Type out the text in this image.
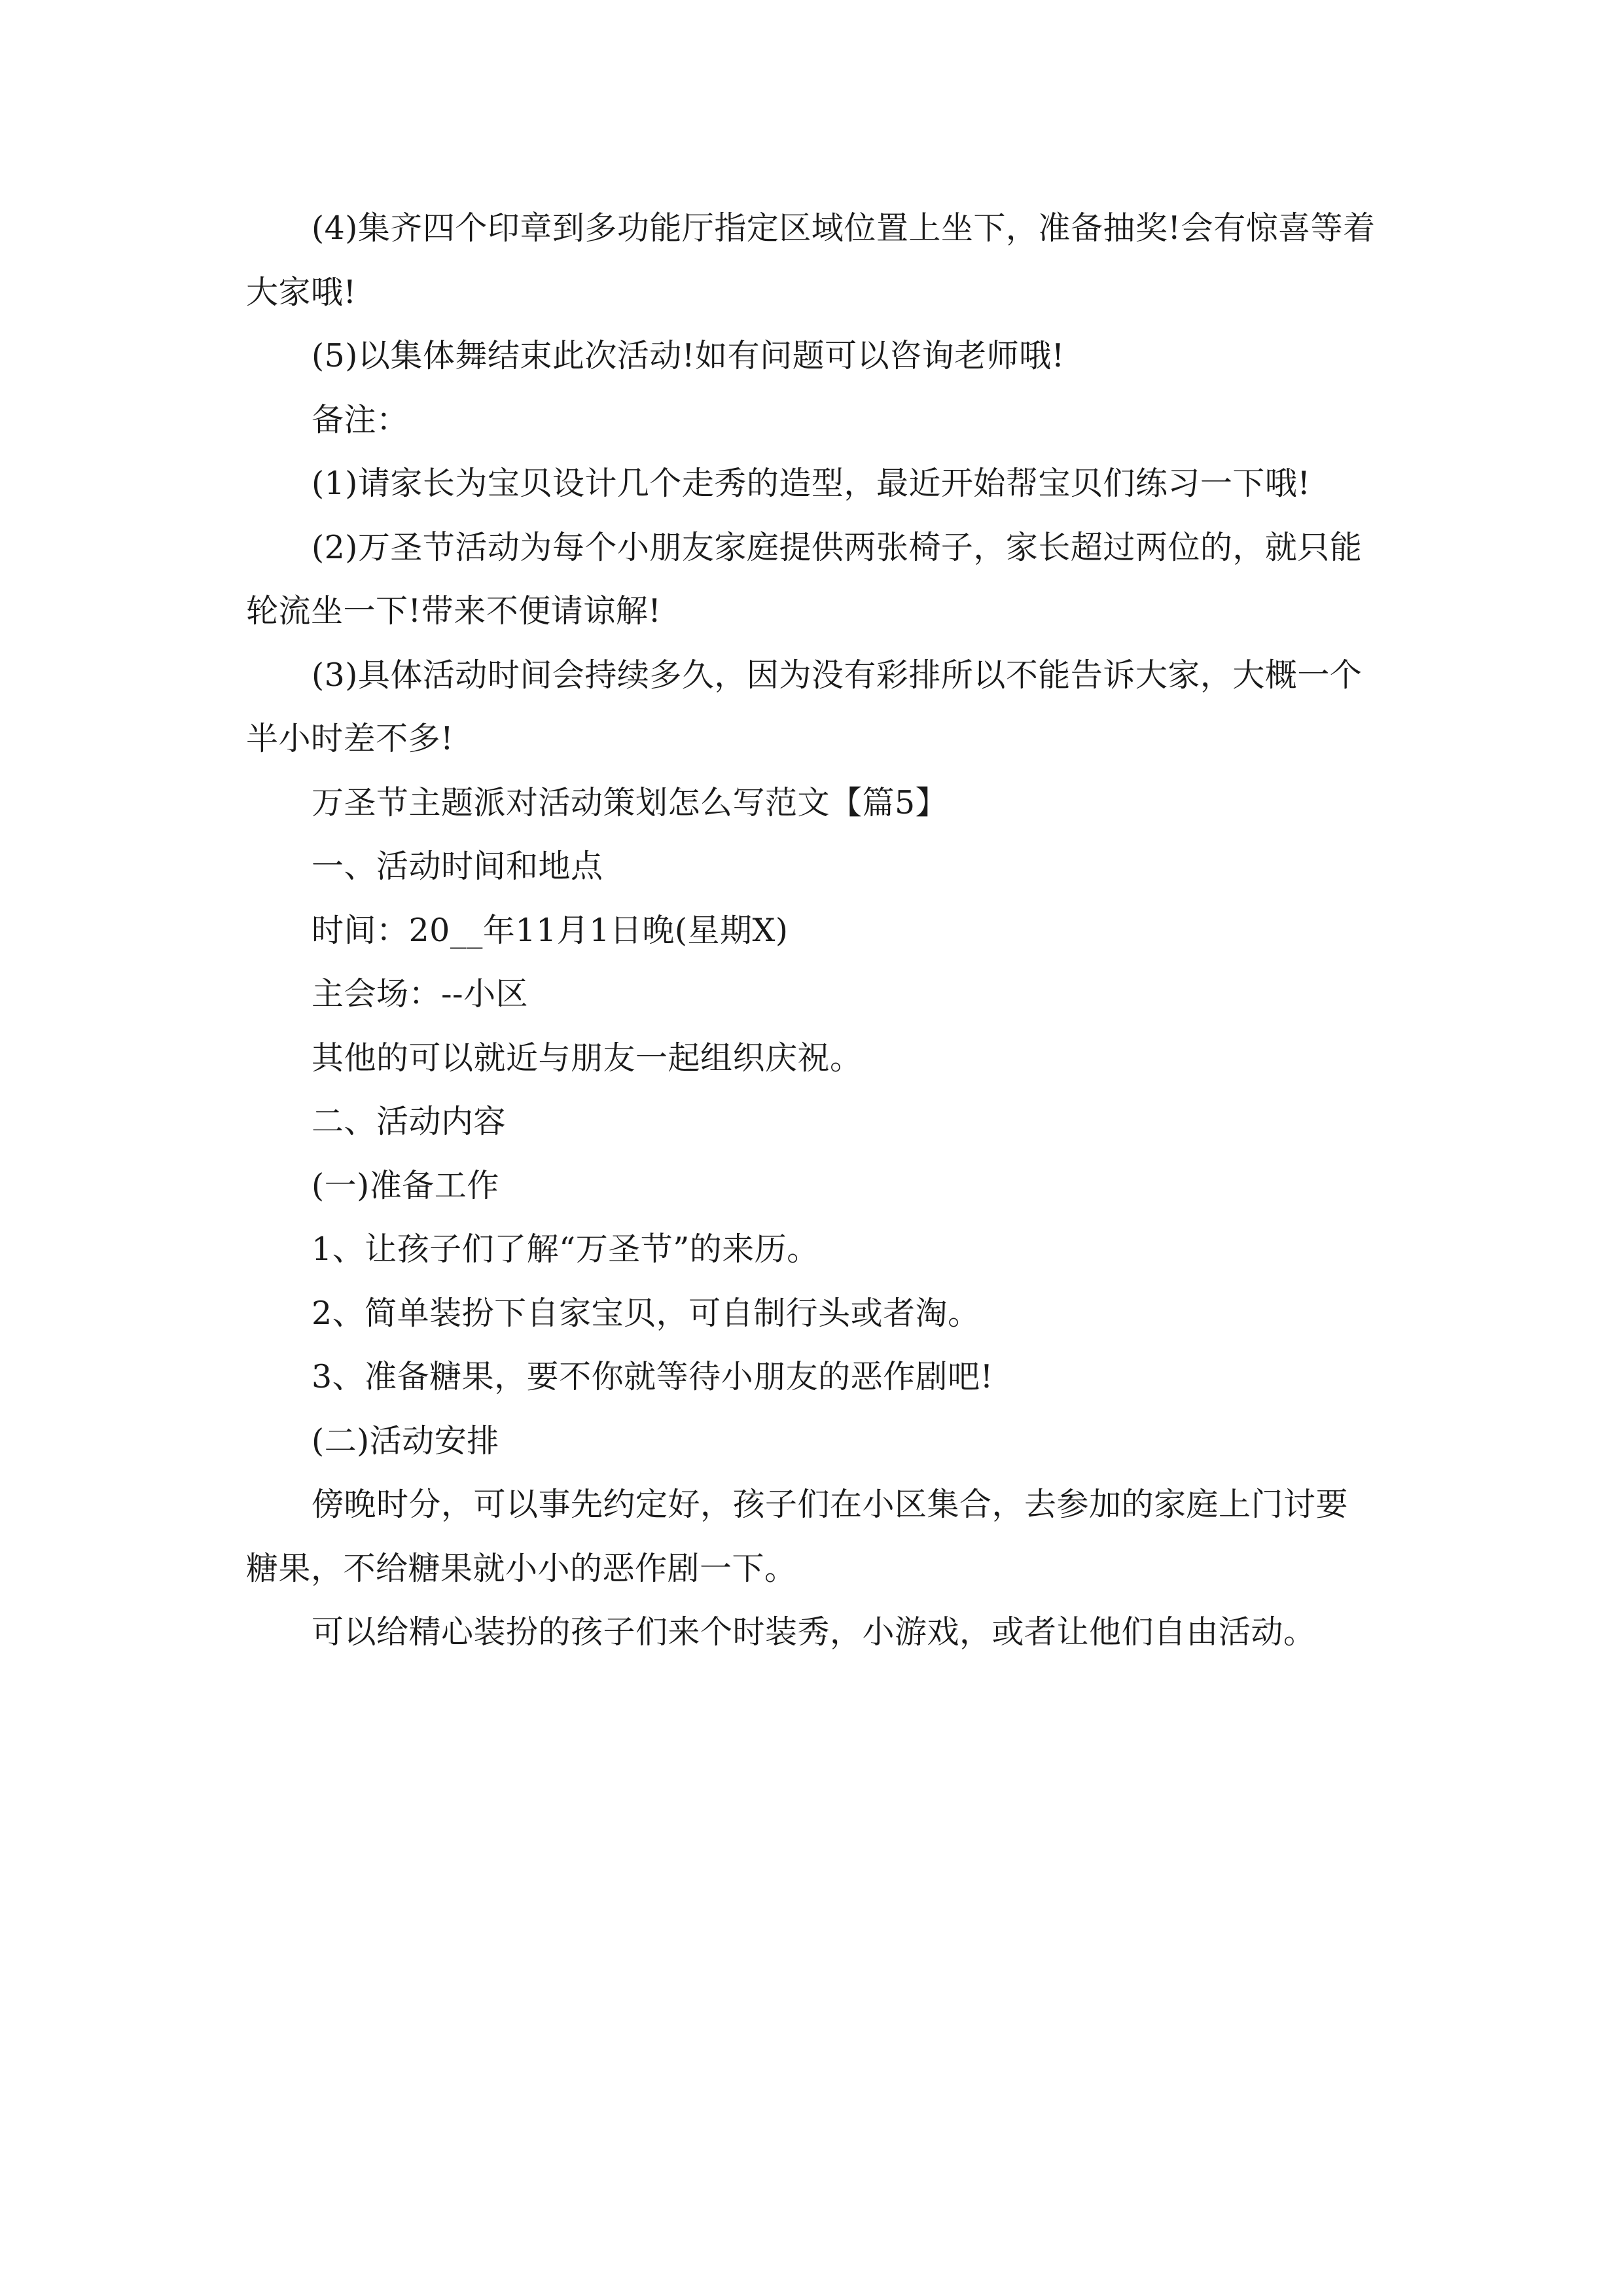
(4)集齐四个印章到多功能厅指定区域位置上坐下，准备抽奖!会有惊喜等着大家哦!

(5)以集体舞结束此次活动!如有问题可以咨询老师哦!

备注：

(1)请家长为宝贝设计几个走秀的造型，最近开始帮宝贝们练习一下哦!

(2)万圣节活动为每个小朋友家庭提供两张椅子，家长超过两位的，就只能轮流坐一下!带来不便请谅解!

(3)具体活动时间会持续多久，因为没有彩排所以不能告诉大家，大概一个半小时差不多!

万圣节主题派对活动策划怎么写范文【篇5】

一、活动时间和地点

时间：20__年11月1日晚(星期X)

主会场：--小区

其他的可以就近与朋友一起组织庆祝。

二、活动内容

(一)准备工作

1、让孩子们了解“万圣节”的来历。

2、简单装扮下自家宝贝，可自制行头或者淘。

3、准备糖果，要不你就等待小朋友的恶作剧吧!

(二)活动安排

傍晚时分，可以事先约定好，孩子们在小区集合，去参加的家庭上门讨要糖果，不给糖果就小小的恶作剧一下。

可以给精心装扮的孩子们来个时装秀，小游戏，或者让他们自由活动。
